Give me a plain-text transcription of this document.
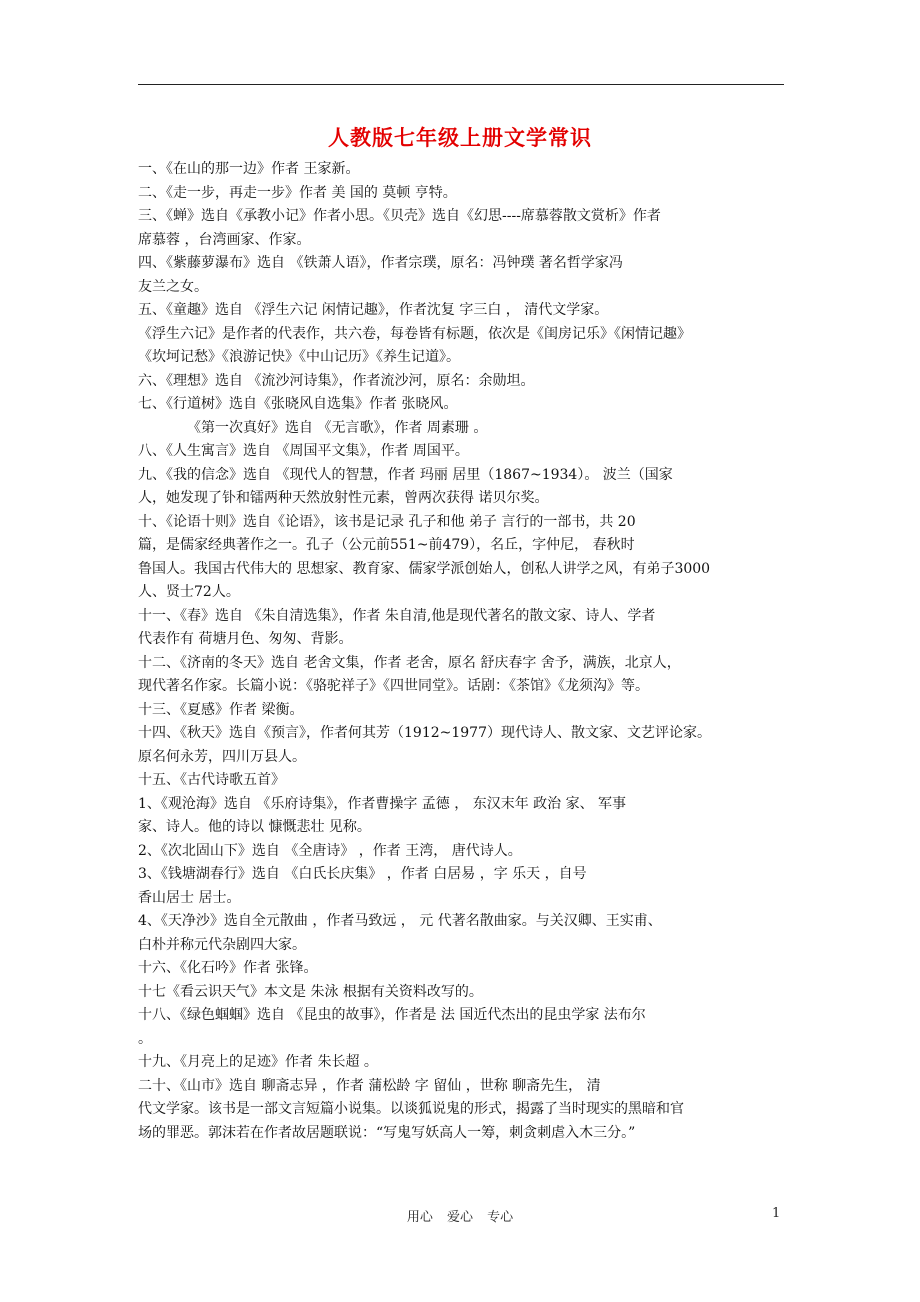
人教版七年级上册文学常识
一、《在山的那一边》作者 王家新。
二、《走一步，再走一步》作者 美 国的 莫顿 亨特。
三、《蝉》选自《承教小记》作者小思。《贝壳》选自《幻思----席慕蓉散文赏析》作者
席慕蓉 ，台湾画家、作家。
四、《紫藤萝瀑布》选自 《铁萧人语》，作者宗璞，原名：冯钟璞 著名哲学家冯
友兰之女。
五、《童趣》选自 《浮生六记 闲情记趣》，作者沈复 字三白 ， 清代文学家。
《浮生六记》是作者的代表作，共六卷，每卷皆有标题，依次是《闺房记乐》《闲情记趣》
《坎坷记愁》《浪游记快》《中山记历》《养生记道》。
六、《理想》选自 《流沙河诗集》，作者流沙河，原名：余勋坦。
七、《行道树》选自《张晓风自选集》作者 张晓风。
《第一次真好》选自 《无言歌》，作者 周素珊 。
八、《人生寓言》选自 《周国平文集》，作者 周国平。
九、《我的信念》选自 《现代人的智慧，作者 玛丽 居里（1867~1934）。 波兰（国家
人，她发现了钋和镭两种天然放射性元素，曾两次获得 诺贝尔奖。
十、《论语十则》选自《论语》，该书是记录 孔子和他 弟子 言行的一部书，共 20
篇，是儒家经典著作之一。孔子（公元前551~前479），名丘，字仲尼， 春秋时
鲁国人。我国古代伟大的 思想家、教育家、儒家学派创始人，创私人讲学之风，有弟子3000
人、贤士72人。
十一、《春》选自 《朱自清选集》，作者 朱自清,他是现代著名的散文家、诗人、学者
代表作有 荷塘月色、匆匆、背影。
十二、《济南的冬天》选自 老舍文集，作者 老舍，原名 舒庆春字 舍予，满族，北京人，
现代著名作家。长篇小说：《骆驼祥子》《四世同堂》。话剧：《茶馆》《龙须沟》等。
十三、《夏感》作者 梁衡。
十四、《秋天》选自《预言》，作者何其芳（1912~1977）现代诗人、散文家、文艺评论家。
原名何永芳，四川万县人。
十五、《古代诗歌五首》
1、《观沧海》选自 《乐府诗集》，作者曹操字 孟德 ， 东汉末年 政治 家、 军事
家、诗人。他的诗以 慷慨悲壮 见称。
2、《次北固山下》选自 《全唐诗》 ，作者 王湾， 唐代诗人。
3、《钱塘湖春行》选自 《白氏长庆集》 ，作者 白居易 ，字 乐天 ，自号
香山居士 居士。
4、《天净沙》选自全元散曲 ，作者马致远 ， 元 代著名散曲家。与关汉卿、王实甫、
白朴并称元代杂剧四大家。
十六、《化石吟》作者 张锋。
十七《看云识天气》本文是 朱泳 根据有关资料改写的。
十八、《绿色蝈蝈》选自 《昆虫的故事》，作者是 法 国近代杰出的昆虫学家 法布尔
。
十九、《月亮上的足迹》作者 朱长超 。
二十、《山市》选自 聊斋志异 ，作者 蒲松龄 字 留仙 ，世称 聊斋先生， 清
代文学家。该书是一部文言短篇小说集。以谈狐说鬼的形式，揭露了当时现实的黑暗和官
场的罪恶。郭沫若在作者故居题联说：“写鬼写妖高人一筹，刺贪刺虐入木三分。”
用心 爱心 专心	1
